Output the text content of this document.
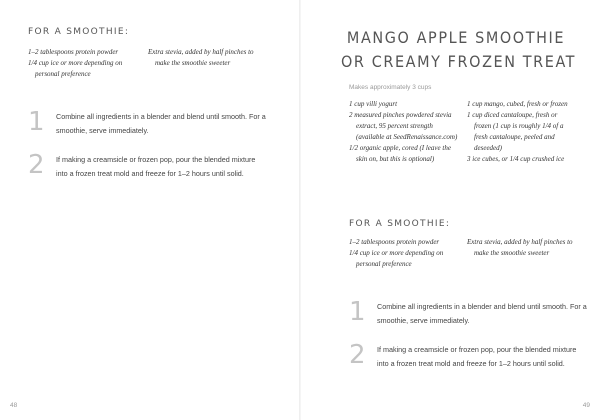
FOR A SMOOTHIE:
1–2 tablespoons protein powder
1/4 cup ice or more depending on personal preference
Extra stevia, added by half pinches to make the smoothie sweeter
1 Combine all ingredients in a blender and blend until smooth. For a smoothie, serve immediately.
2 If making a creamsicle or frozen pop, pour the blended mixture into a frozen treat mold and freeze for 1–2 hours until solid.
48
MANGO APPLE SMOOTHIE
OR CREAMY FROZEN TREAT
Makes approximately 3 cups
1 cup villi yogurt
2 measured pinches powdered stevia extract, 95 percent strength (available at SeedRenaissance.com)
1/2 organic apple, cored (I leave the skin on, but this is optional)
1 cup mango, cubed, fresh or frozen
1 cup diced cantaloupe, fresh or frozen (1 cup is roughly 1/4 of a fresh cantaloupe, peeled and deseeded)
3 ice cubes, or 1/4 cup crushed ice
FOR A SMOOTHIE:
1–2 tablespoons protein powder
1/4 cup ice or more depending on personal preference
Extra stevia, added by half pinches to make the smoothie sweeter
1 Combine all ingredients in a blender and blend until smooth. For a smoothie, serve immediately.
2 If making a creamsicle or frozen pop, pour the blended mixture into a frozen treat mold and freeze for 1–2 hours until solid.
49
